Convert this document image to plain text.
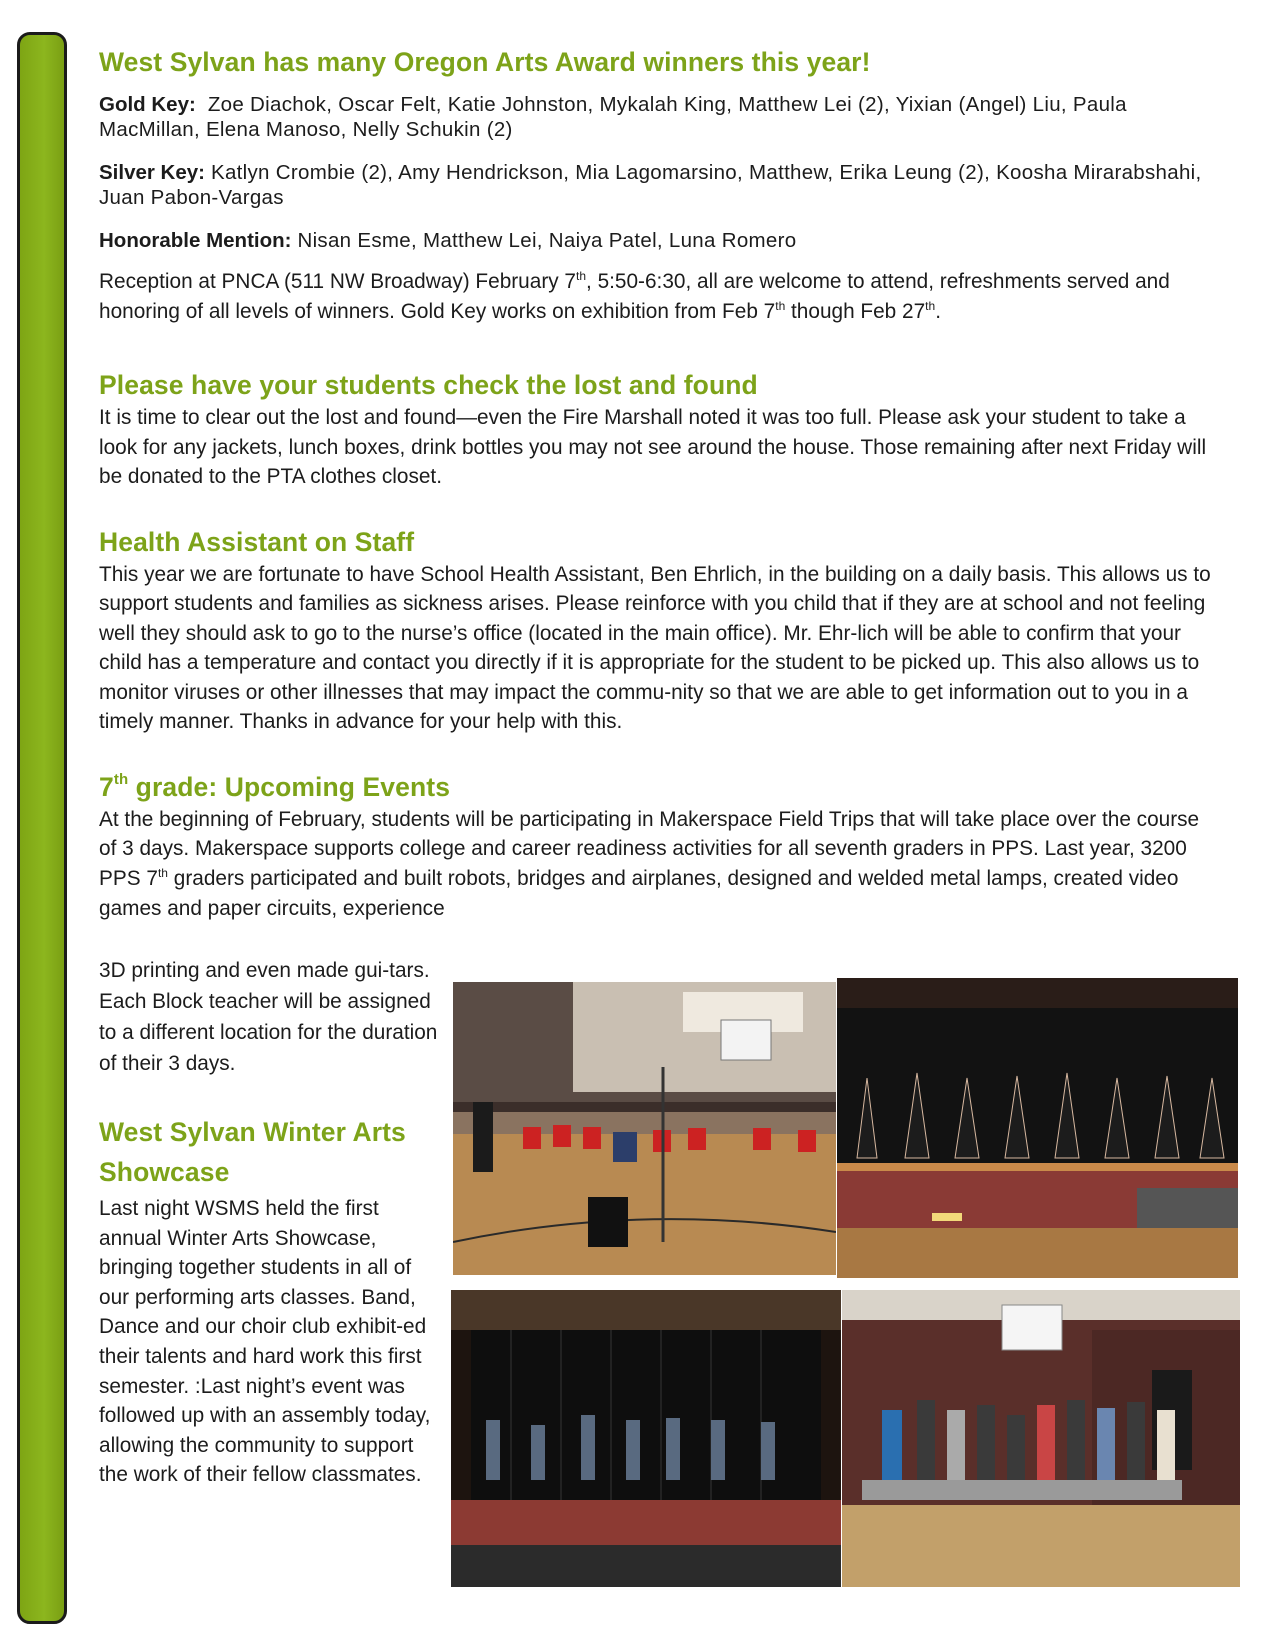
West Sylvan has many Oregon Arts Award winners this year!

Gold Key: Zoe Diachok, Oscar Felt, Katie Johnston, Mykalah King, Matthew Lei (2), Yixian (Angel) Liu, Paula MacMillan, Elena Manoso, Nelly Schukin (2)

Silver Key: Katlyn Crombie (2), Amy Hendrickson, Mia Lagomarsino, Matthew, Erika Leung (2), Koosha Mirarabshahi, Juan Pabon-Vargas

Honorable Mention: Nisan Esme, Matthew Lei, Naiya Patel, Luna Romero

Reception at PNCA (511 NW Broadway) February 7th, 5:50-6:30, all are welcome to attend, refreshments served and honoring of all levels of winners. Gold Key works on exhibition from Feb 7th though Feb 27th.

Please have your students check the lost and found

It is time to clear out the lost and found—even the Fire Marshall noted it was too full. Please ask your student to take a look for any jackets, lunch boxes, drink bottles you may not see around the house. Those remaining after next Friday will be donated to the PTA clothes closet.

Health Assistant on Staff

This year we are fortunate to have School Health Assistant, Ben Ehrlich, in the building on a daily basis. This allows us to support students and families as sickness arises. Please reinforce with you child that if they are at school and not feeling well they should ask to go to the nurse’s office (located in the main office). Mr. Ehr-lich will be able to confirm that your child has a temperature and contact you directly if it is appropriate for the student to be picked up. This also allows us to monitor viruses or other illnesses that may impact the commu-nity so that we are able to get information out to you in a timely manner. Thanks in advance for your help with this.

7th grade: Upcoming Events

At the beginning of February, students will be participating in Makerspace Field Trips that will take place over the course of 3 days. Makerspace supports college and career readiness activities for all seventh graders in PPS. Last year, 3200 PPS 7th graders participated and built robots, bridges and airplanes, designed and welded metal lamps, created video games and paper circuits, experience

3D printing and even made gui-tars. Each Block teacher will be assigned to a different location for the duration of their 3 days.

West Sylvan Winter Arts Showcase

Last night WSMS held the first annual Winter Arts Showcase, bringing together students in all of our performing arts classes. Band, Dance and our choir club exhibit-ed their talents and hard work this first semester. :Last night’s event was followed up with an assembly today, allowing the community to support the work of their fellow classmates.
